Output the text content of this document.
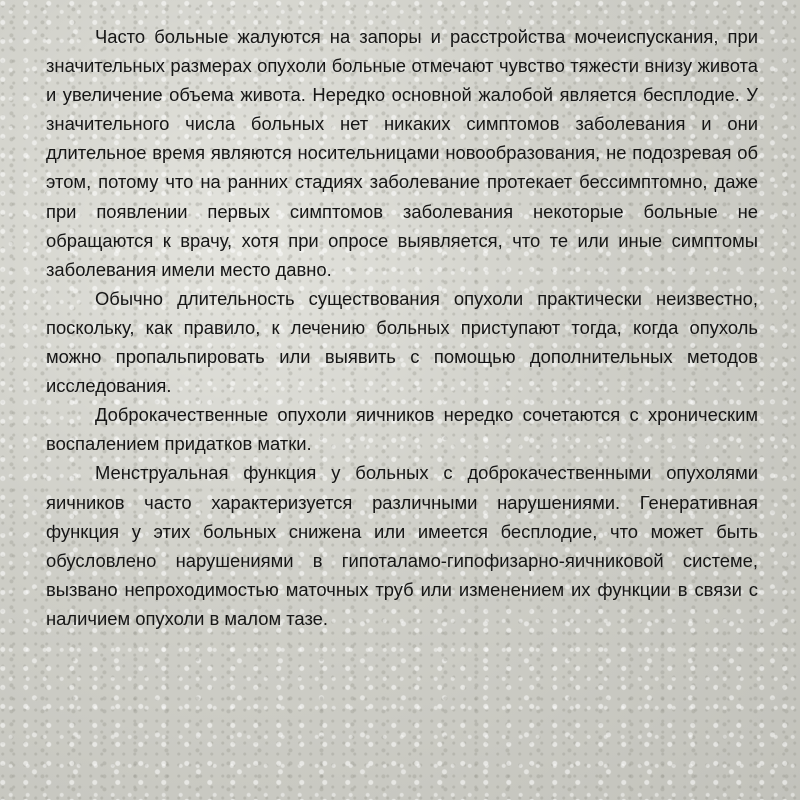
Часто больные жалуются на запоры и расстройства мочеиспускания, при значительных размерах опухоли больные отмечают чувство тяжести внизу живота и увеличение объема живота. Нередко основной жалобой является бесплодие. У значительного числа больных нет никаких симптомов заболевания и они длительное время являются носительницами новообразования, не подозревая об этом, потому что на ранних стадиях заболевание протекает бессимптомно, даже при появлении первых симптомов заболевания некоторые больные не обращаются к врачу, хотя при опросе выявляется, что те или иные симптомы заболевания имели место давно.

Обычно длительность существования опухоли практически неизвестно, поскольку, как правило, к лечению больных приступают тогда, когда опухоль можно пропальпировать или выявить с помощью дополнительных методов исследования.

Доброкачественные опухоли яичников нередко сочетаются с хроническим воспалением придатков матки.

Менструальная функция у больных с доброкачественными опухолями яичников часто характеризуется различными нарушениями. Генеративная функция у этих больных снижена или имеется бесплодие, что может быть обусловлено нарушениями в гипоталамо-гипофизарно-яичниковой системе, вызвано непроходимостью маточных труб или изменением их функции в связи с наличием опухоли в малом тазе.
